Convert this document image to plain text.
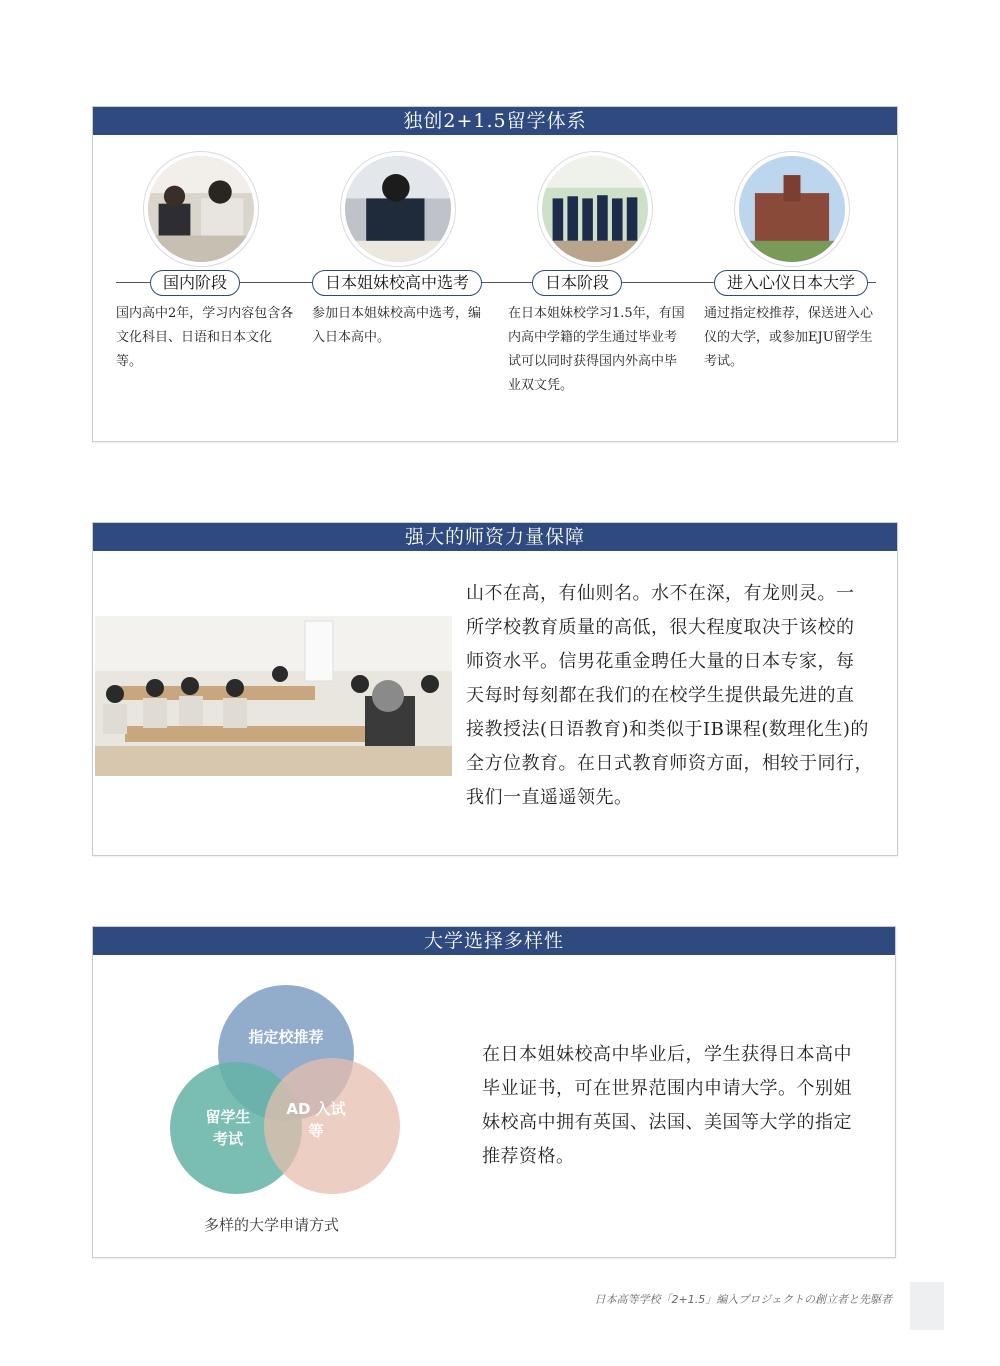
独创2+1.5留学体系
国内阶段	日本姐妹校高中选考	日本阶段	进入心仪日本大学
国内高中2年，学习内容包含各文化科目、日语和日本文化等。
参加日本姐妹校高中选考，编入日本高中。
在日本姐妹校学习1.5年，有国内高中学籍的学生通过毕业考试可以同时获得国内外高中毕业双文凭。
通过指定校推荐，保送进入心仪的大学，或参加EJU留学生考试。
强大的师资力量保障
山不在高，有仙则名。水不在深，有龙则灵。一
所学校教育质量的高低，很大程度取决于该校的
师资水平。信男花重金聘任大量的日本专家，每
天每时每刻都在我们的在校学生提供最先进的直
接教授法(日语教育)和类似于IB课程(数理化生)的
全方位教育。在日式教育师资方面，相较于同行，
我们一直遥遥领先。
大学选择多样性
指定校推荐
留学生考试
AD 入试等
多样的大学申请方式
在日本姐妹校高中毕业后，学生获得日本高中
毕业证书，可在世界范围内申请大学。个别姐
妹校高中拥有英国、法国、美国等大学的指定
推荐资格。
日本高等学校「2+1.5」編入プロジェクトの創立者と先駆者
